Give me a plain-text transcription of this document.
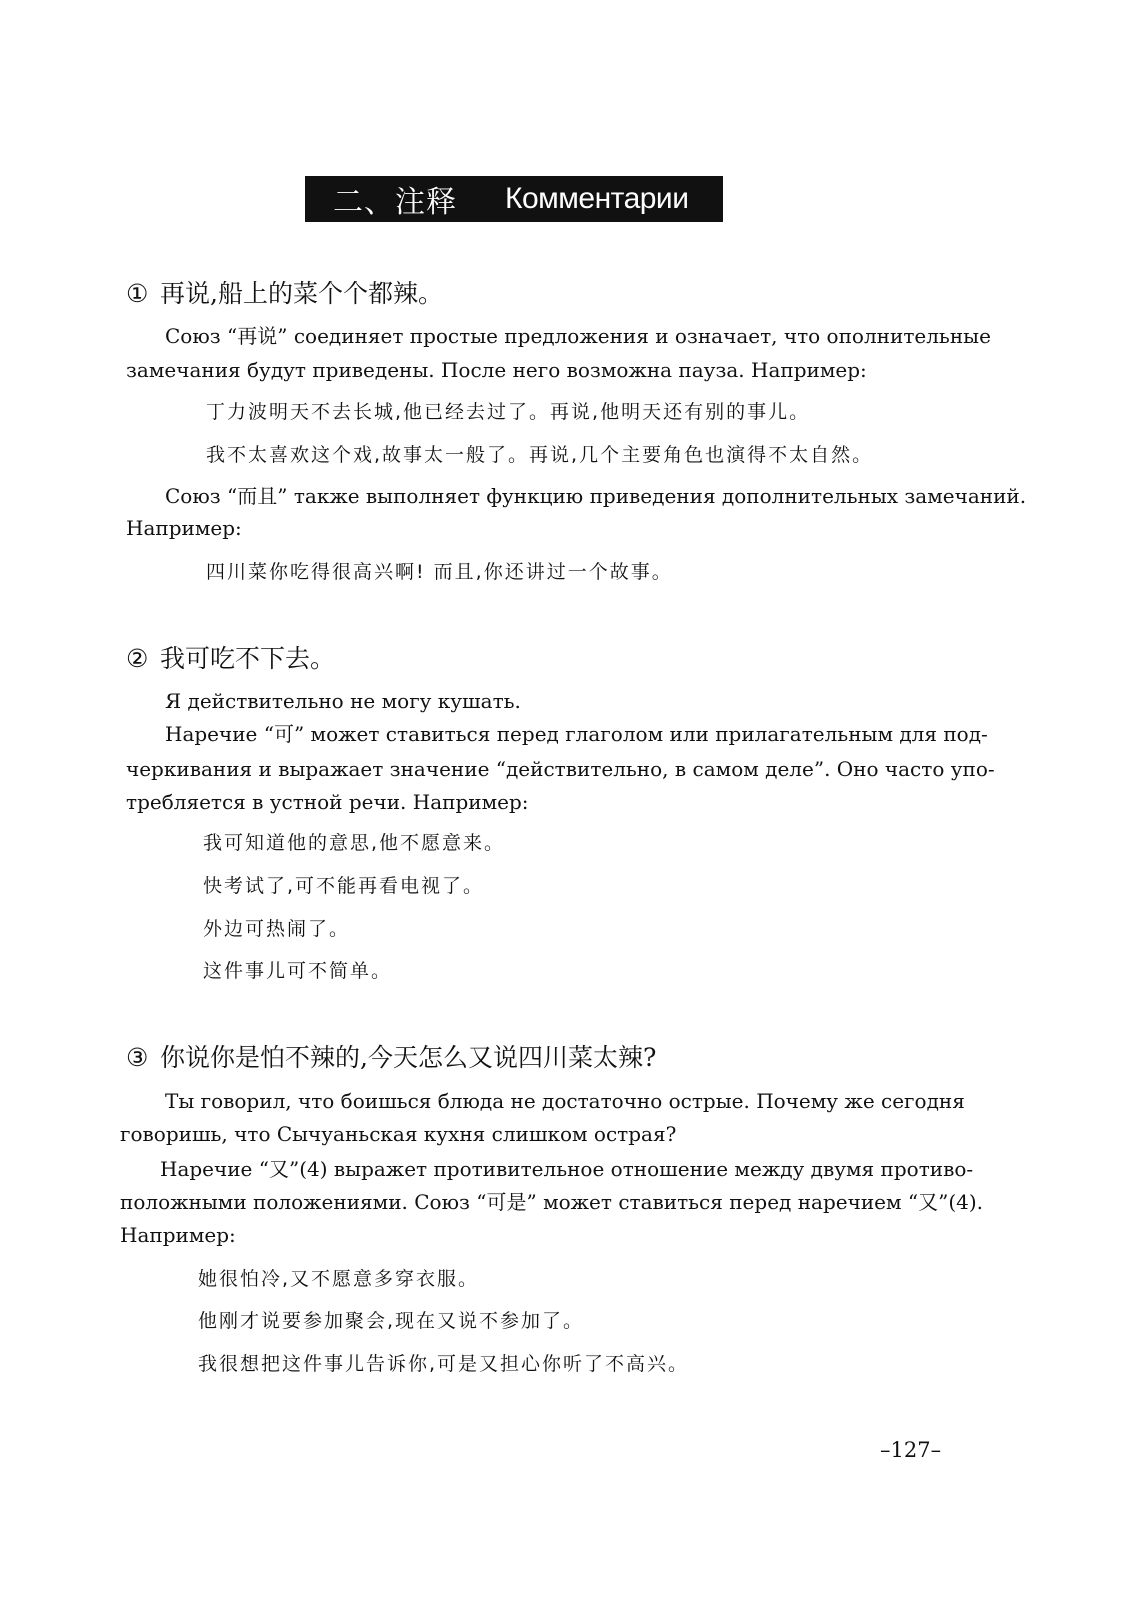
二、注释 Комментарии
① 再说,船上的菜个个都辣。
Союз “再说” соединяет простые предложения и означает, что ополнительные
замечания будут приведены. После него возможна пауза. Например:
丁力波明天不去长城,他已经去过了。再说,他明天还有别的事儿。
我不太喜欢这个戏,故事太一般了。再说,几个主要角色也演得不太自然。
Союз “而且” также выполняет функцию приведения дополнительных замечаний.
Например:
四川菜你吃得很高兴啊! 而且,你还讲过一个故事。
② 我可吃不下去。
Я действительно не могу кушать.
Наречие “可” может ставиться перед глаголом или прилагательным для под-
черкивания и выражает значение “действительно, в самом деле”. Оно часто упо-
требляется в устной речи. Например:
我可知道他的意思,他不愿意来。
快考试了,可不能再看电视了。
外边可热闹了。
这件事儿可不简单。
③ 你说你是怕不辣的,今天怎么又说四川菜太辣?
Ты говорил, что боишься блюда не достаточно острые. Почему же сегодня
говоришь, что Сычуаньская кухня слишком острая?
Наречие “又”(4) выражет противительное отношение между двумя противо-
положными положениями. Союз “可是” может ставиться перед наречием “又”(4).
Например:
她很怕冷,又不愿意多穿衣服。
他刚才说要参加聚会,现在又说不参加了。
我很想把这件事儿告诉你,可是又担心你听了不高兴。
–127–
